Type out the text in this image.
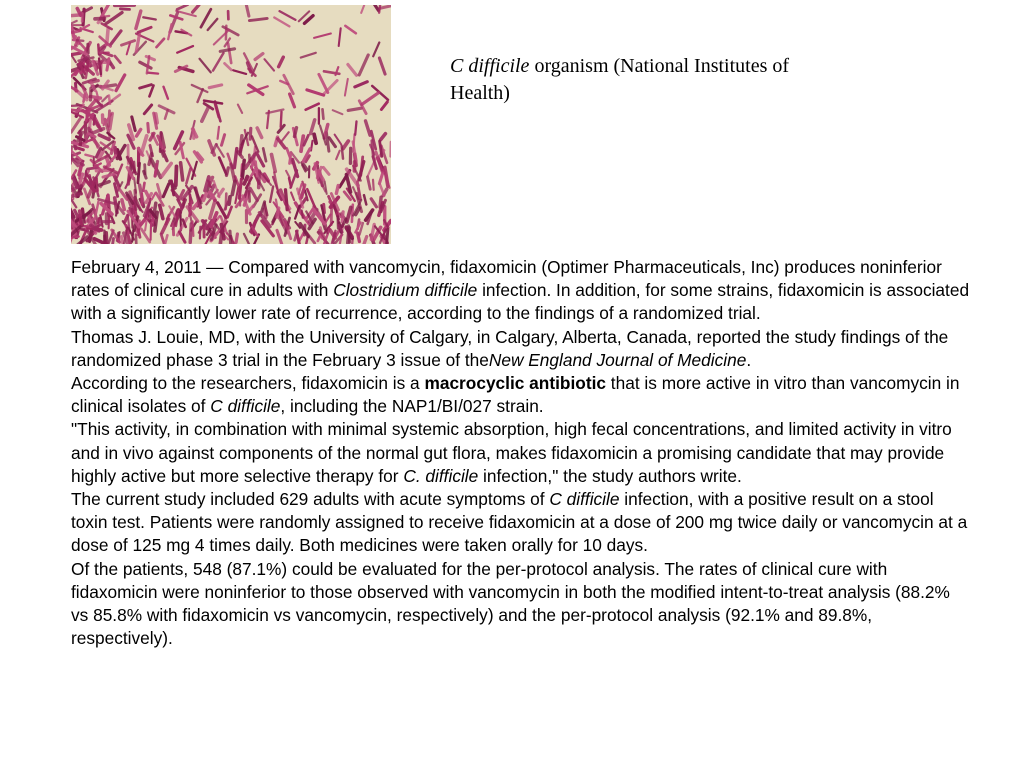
C difficile organism (National Institutes of Health)

February 4, 2011 — Compared with vancomycin, fidaxomicin (Optimer Pharmaceuticals, Inc) produces noninferior rates of clinical cure in adults with Clostridium difficile infection. In addition, for some strains, fidaxomicin is associated with a significantly lower rate of recurrence, according to the findings of a randomized trial.

Thomas J. Louie, MD, with the University of Calgary, in Calgary, Alberta, Canada, reported the study findings of the randomized phase 3 trial in the February 3 issue of theNew England Journal of Medicine.

According to the researchers, fidaxomicin is a macrocyclic antibiotic that is more active in vitro than vancomycin in clinical isolates of C difficile, including the NAP1/BI/027 strain.

"This activity, in combination with minimal systemic absorption, high fecal concentrations, and limited activity in vitro and in vivo against components of the normal gut flora, makes fidaxomicin a promising candidate that may provide highly active but more selective therapy for C. difficile infection," the study authors write.

The current study included 629 adults with acute symptoms of C difficile infection, with a positive result on a stool toxin test. Patients were randomly assigned to receive fidaxomicin at a dose of 200 mg twice daily or vancomycin at a dose of 125 mg 4 times daily. Both medicines were taken orally for 10 days.

Of the patients, 548 (87.1%) could be evaluated for the per-protocol analysis. The rates of clinical cure with fidaxomicin were noninferior to those observed with vancomycin in both the modified intent-to-treat analysis (88.2% vs 85.8% with fidaxomicin vs vancomycin, respectively) and the per-protocol analysis (92.1% and 89.8%, respectively).
